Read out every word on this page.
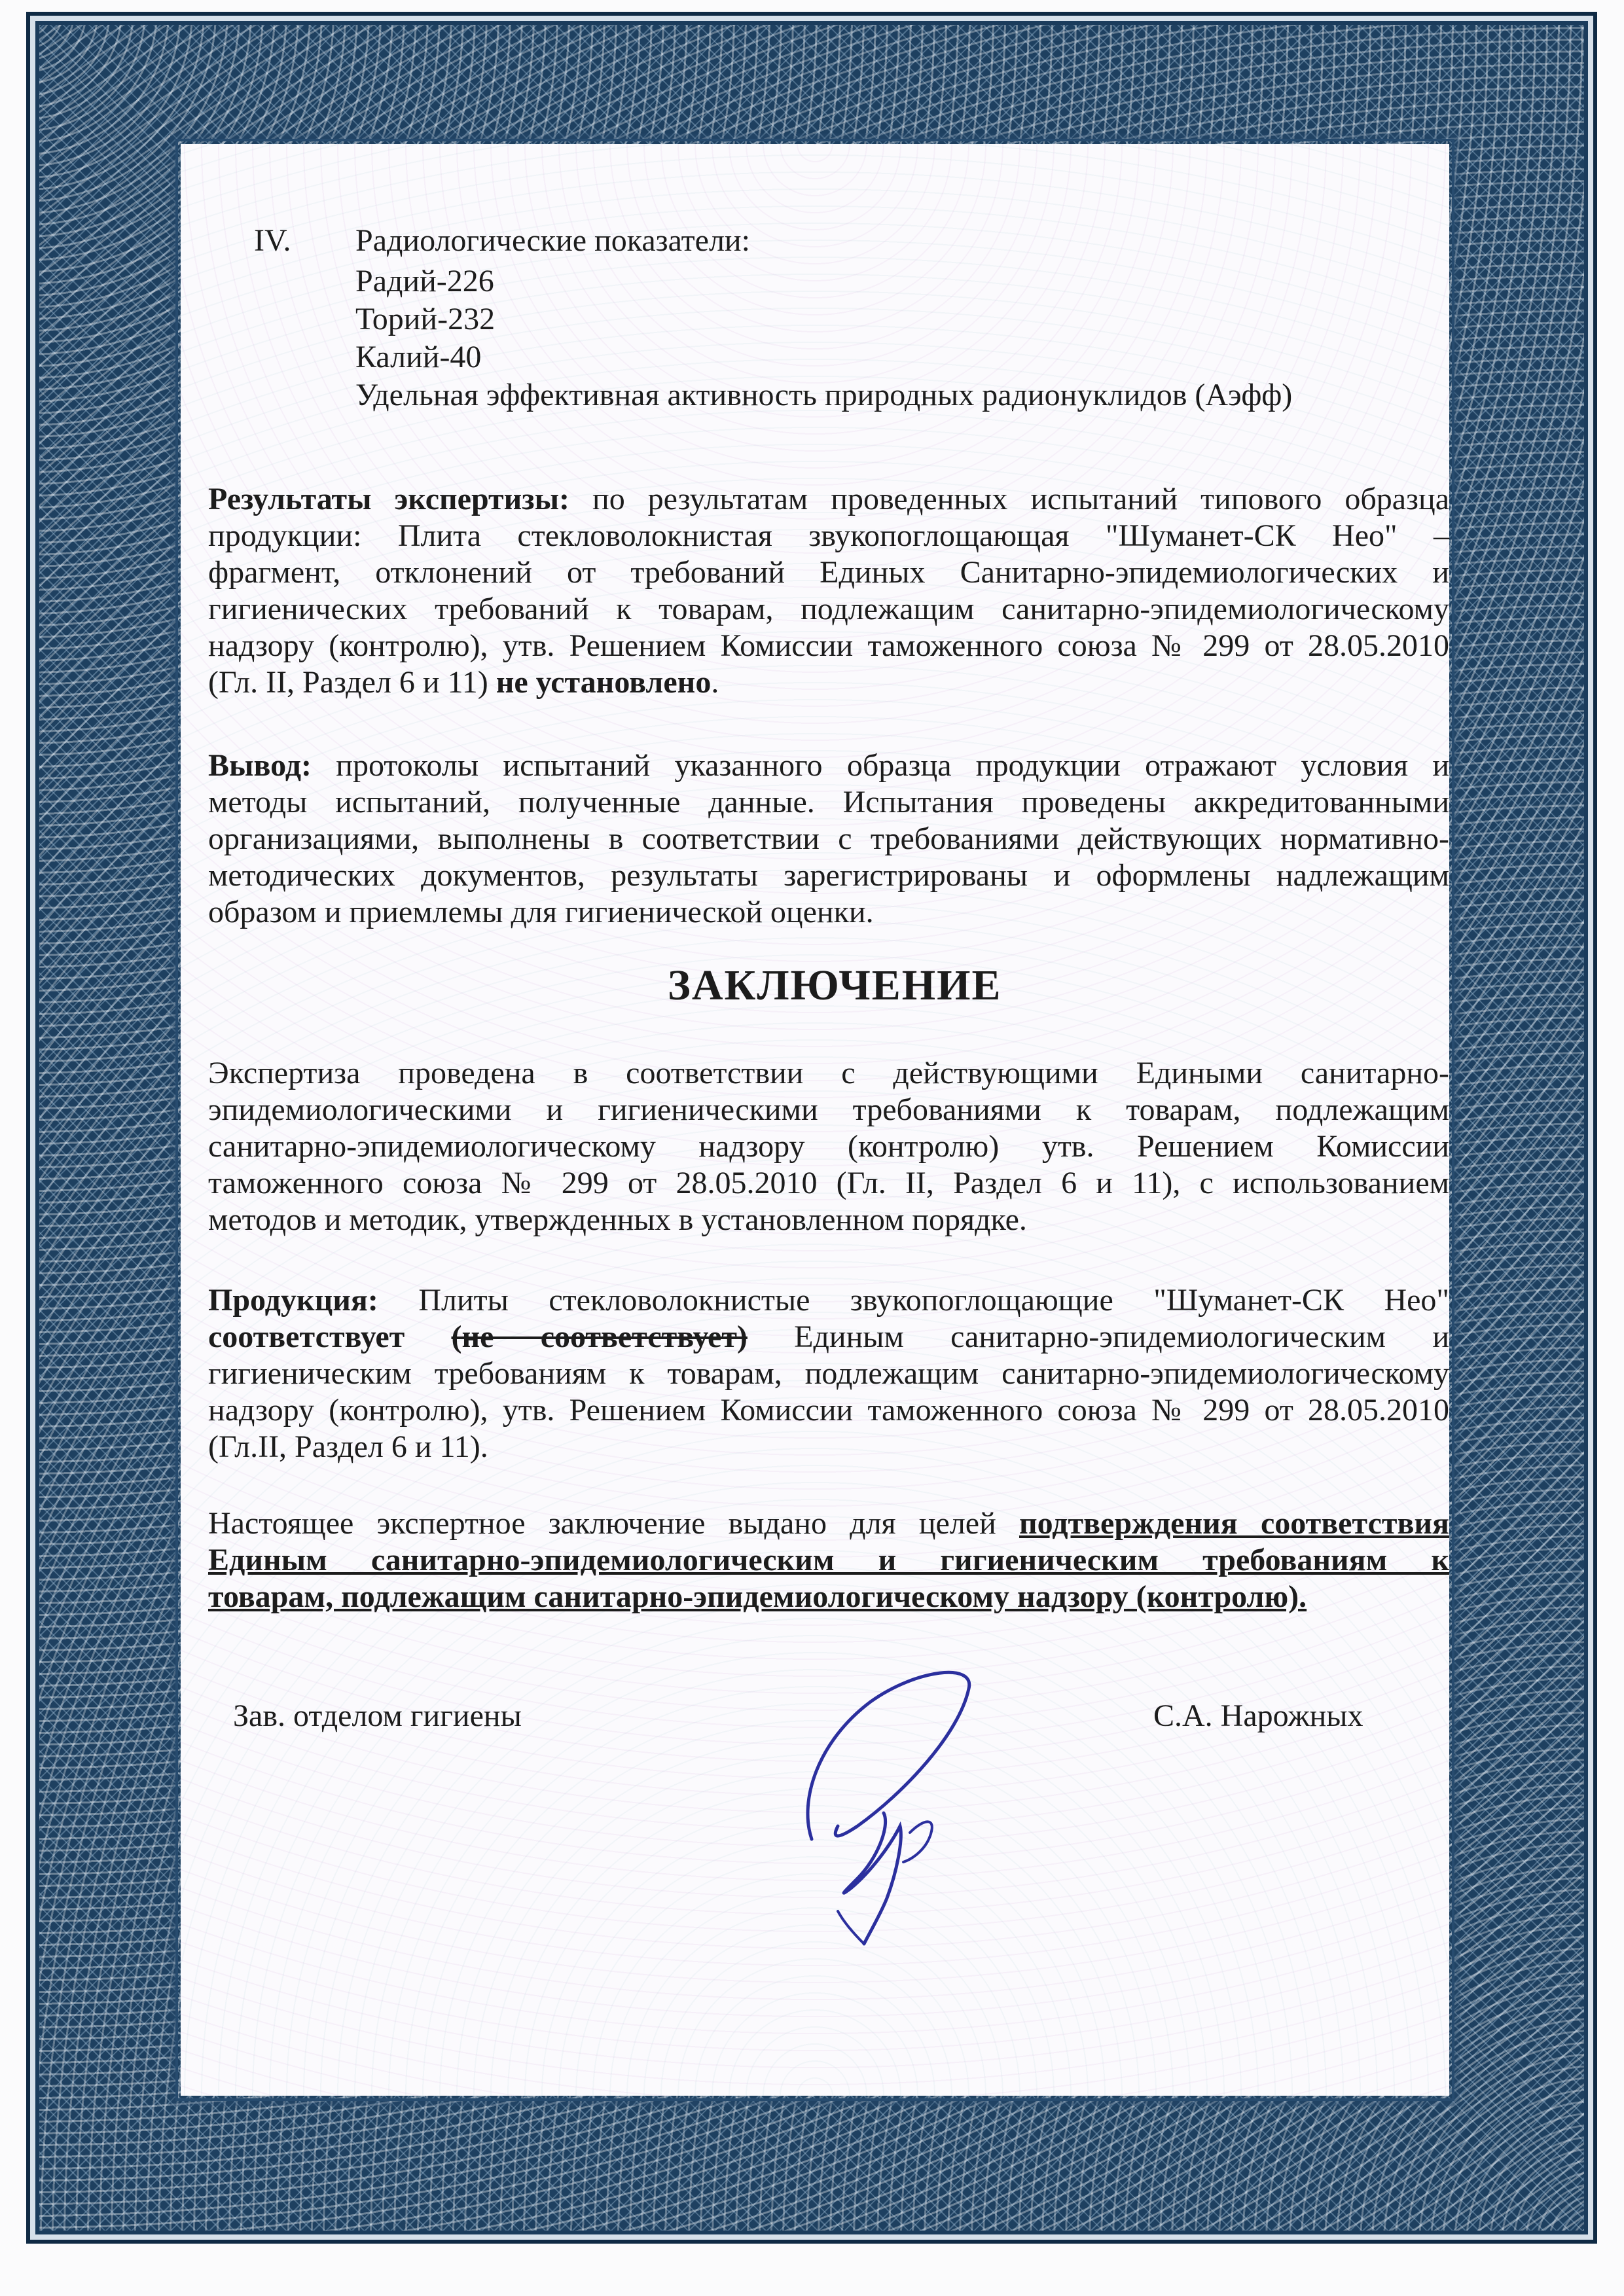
IV. Радиологические показатели:
Радий-226
Торий-232
Калий-40
Удельная эффективная активность природных радионуклидов (Аэфф)
Результаты экспертизы: по результатам проведенных испытаний типового образца
продукции: Плита стекловолокнистая звукопоглощающая "Шуманет-СК Нео" –
фрагмент, отклонений от требований Единых Санитарно-эпидемиологических и
гигиенических требований к товарам, подлежащим санитарно-эпидемиологическому
надзору (контролю), утв. Решением Комиссии таможенного союза № 299 от 28.05.2010
(Гл. II, Раздел 6 и 11) не установлено.
Вывод: протоколы испытаний указанного образца продукции отражают условия и
методы испытаний, полученные данные. Испытания проведены аккредитованными
организациями, выполнены в соответствии с требованиями действующих нормативно-
методических документов, результаты зарегистрированы и оформлены надлежащим
образом и приемлемы для гигиенической оценки.
ЗАКЛЮЧЕНИЕ
Экспертиза проведена в соответствии с действующими Едиными санитарно-
эпидемиологическими и гигиеническими требованиями к товарам, подлежащим
санитарно-эпидемиологическому надзору (контролю) утв. Решением Комиссии
таможенного союза № 299 от 28.05.2010 (Гл. II, Раздел 6 и 11), с использованием
методов и методик, утвержденных в установленном порядке.
Продукция: Плиты стекловолокнистые звукопоглощающие "Шуманет-СК Нео"
соответствует (не соответствует) Единым санитарно-эпидемиологическим и
гигиеническим требованиям к товарам, подлежащим санитарно-эпидемиологическому
надзору (контролю), утв. Решением Комиссии таможенного союза № 299 от 28.05.2010
(Гл.II, Раздел 6 и 11).
Настоящее экспертное заключение выдано для целей подтверждения соответствия
Единым санитарно-эпидемиологическим и гигиеническим требованиям к
товарам, подлежащим санитарно-эпидемиологическому надзору (контролю).
Зав. отделом гигиены	С.А. Нарожных
